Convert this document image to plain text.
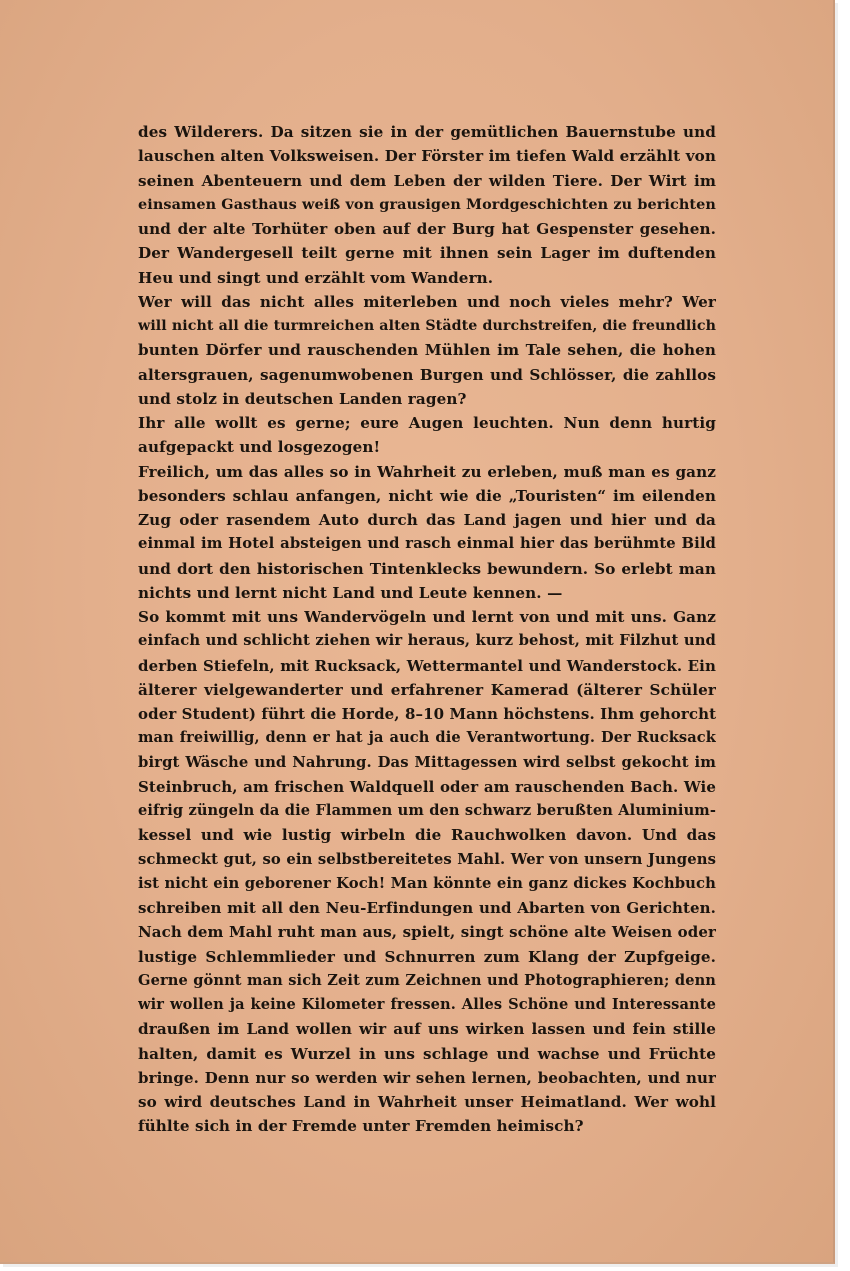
des Wilderers. Da sitzen sie in der gemütlichen Bauernstube und
lauschen alten Volksweisen. Der Förster im tiefen Wald erzählt von
seinen Abenteuern und dem Leben der wilden Tiere. Der Wirt im
einsamen Gasthaus weiß von grausigen Mordgeschichten zu berichten
und der alte Torhüter oben auf der Burg hat Gespenster gesehen.
Der Wandergesell teilt gerne mit ihnen sein Lager im duftenden
Heu und singt und erzählt vom Wandern.
Wer will das nicht alles miterleben und noch vieles mehr? Wer
will nicht all die turmreichen alten Städte durchstreifen, die freundlich
bunten Dörfer und rauschenden Mühlen im Tale sehen, die hohen
altersgrauen, sagenumwobenen Burgen und Schlösser, die zahllos
und stolz in deutschen Landen ragen?
Ihr alle wollt es gerne; eure Augen leuchten. Nun denn hurtig
aufgepackt und losgezogen!
Freilich, um das alles so in Wahrheit zu erleben, muß man es ganz
besonders schlau anfangen, nicht wie die „Touristen“ im eilenden
Zug oder rasendem Auto durch das Land jagen und hier und da
einmal im Hotel absteigen und rasch einmal hier das berühmte Bild
und dort den historischen Tintenklecks bewundern. So erlebt man
nichts und lernt nicht Land und Leute kennen. —
So kommt mit uns Wandervögeln und lernt von und mit uns. Ganz
einfach und schlicht ziehen wir heraus, kurz behost, mit Filzhut und
derben Stiefeln, mit Rucksack, Wettermantel und Wanderstock. Ein
älterer vielgewanderter und erfahrener Kamerad (älterer Schüler
oder Student) führt die Horde, 8–10 Mann höchstens. Ihm gehorcht
man freiwillig, denn er hat ja auch die Verantwortung. Der Rucksack
birgt Wäsche und Nahrung. Das Mittagessen wird selbst gekocht im
Steinbruch, am frischen Waldquell oder am rauschenden Bach. Wie
eifrig züngeln da die Flammen um den schwarz berußten Aluminium-
kessel und wie lustig wirbeln die Rauchwolken davon. Und das
schmeckt gut, so ein selbstbereitetes Mahl. Wer von unsern Jungens
ist nicht ein geborener Koch! Man könnte ein ganz dickes Kochbuch
schreiben mit all den Neu-Erfindungen und Abarten von Gerichten.
Nach dem Mahl ruht man aus, spielt, singt schöne alte Weisen oder
lustige Schlemmlieder und Schnurren zum Klang der Zupfgeige.
Gerne gönnt man sich Zeit zum Zeichnen und Photographieren; denn
wir wollen ja keine Kilometer fressen. Alles Schöne und Interessante
draußen im Land wollen wir auf uns wirken lassen und fein stille
halten, damit es Wurzel in uns schlage und wachse und Früchte
bringe. Denn nur so werden wir sehen lernen, beobachten, und nur
so wird deutsches Land in Wahrheit unser Heimatland. Wer wohl
fühlte sich in der Fremde unter Fremden heimisch?
